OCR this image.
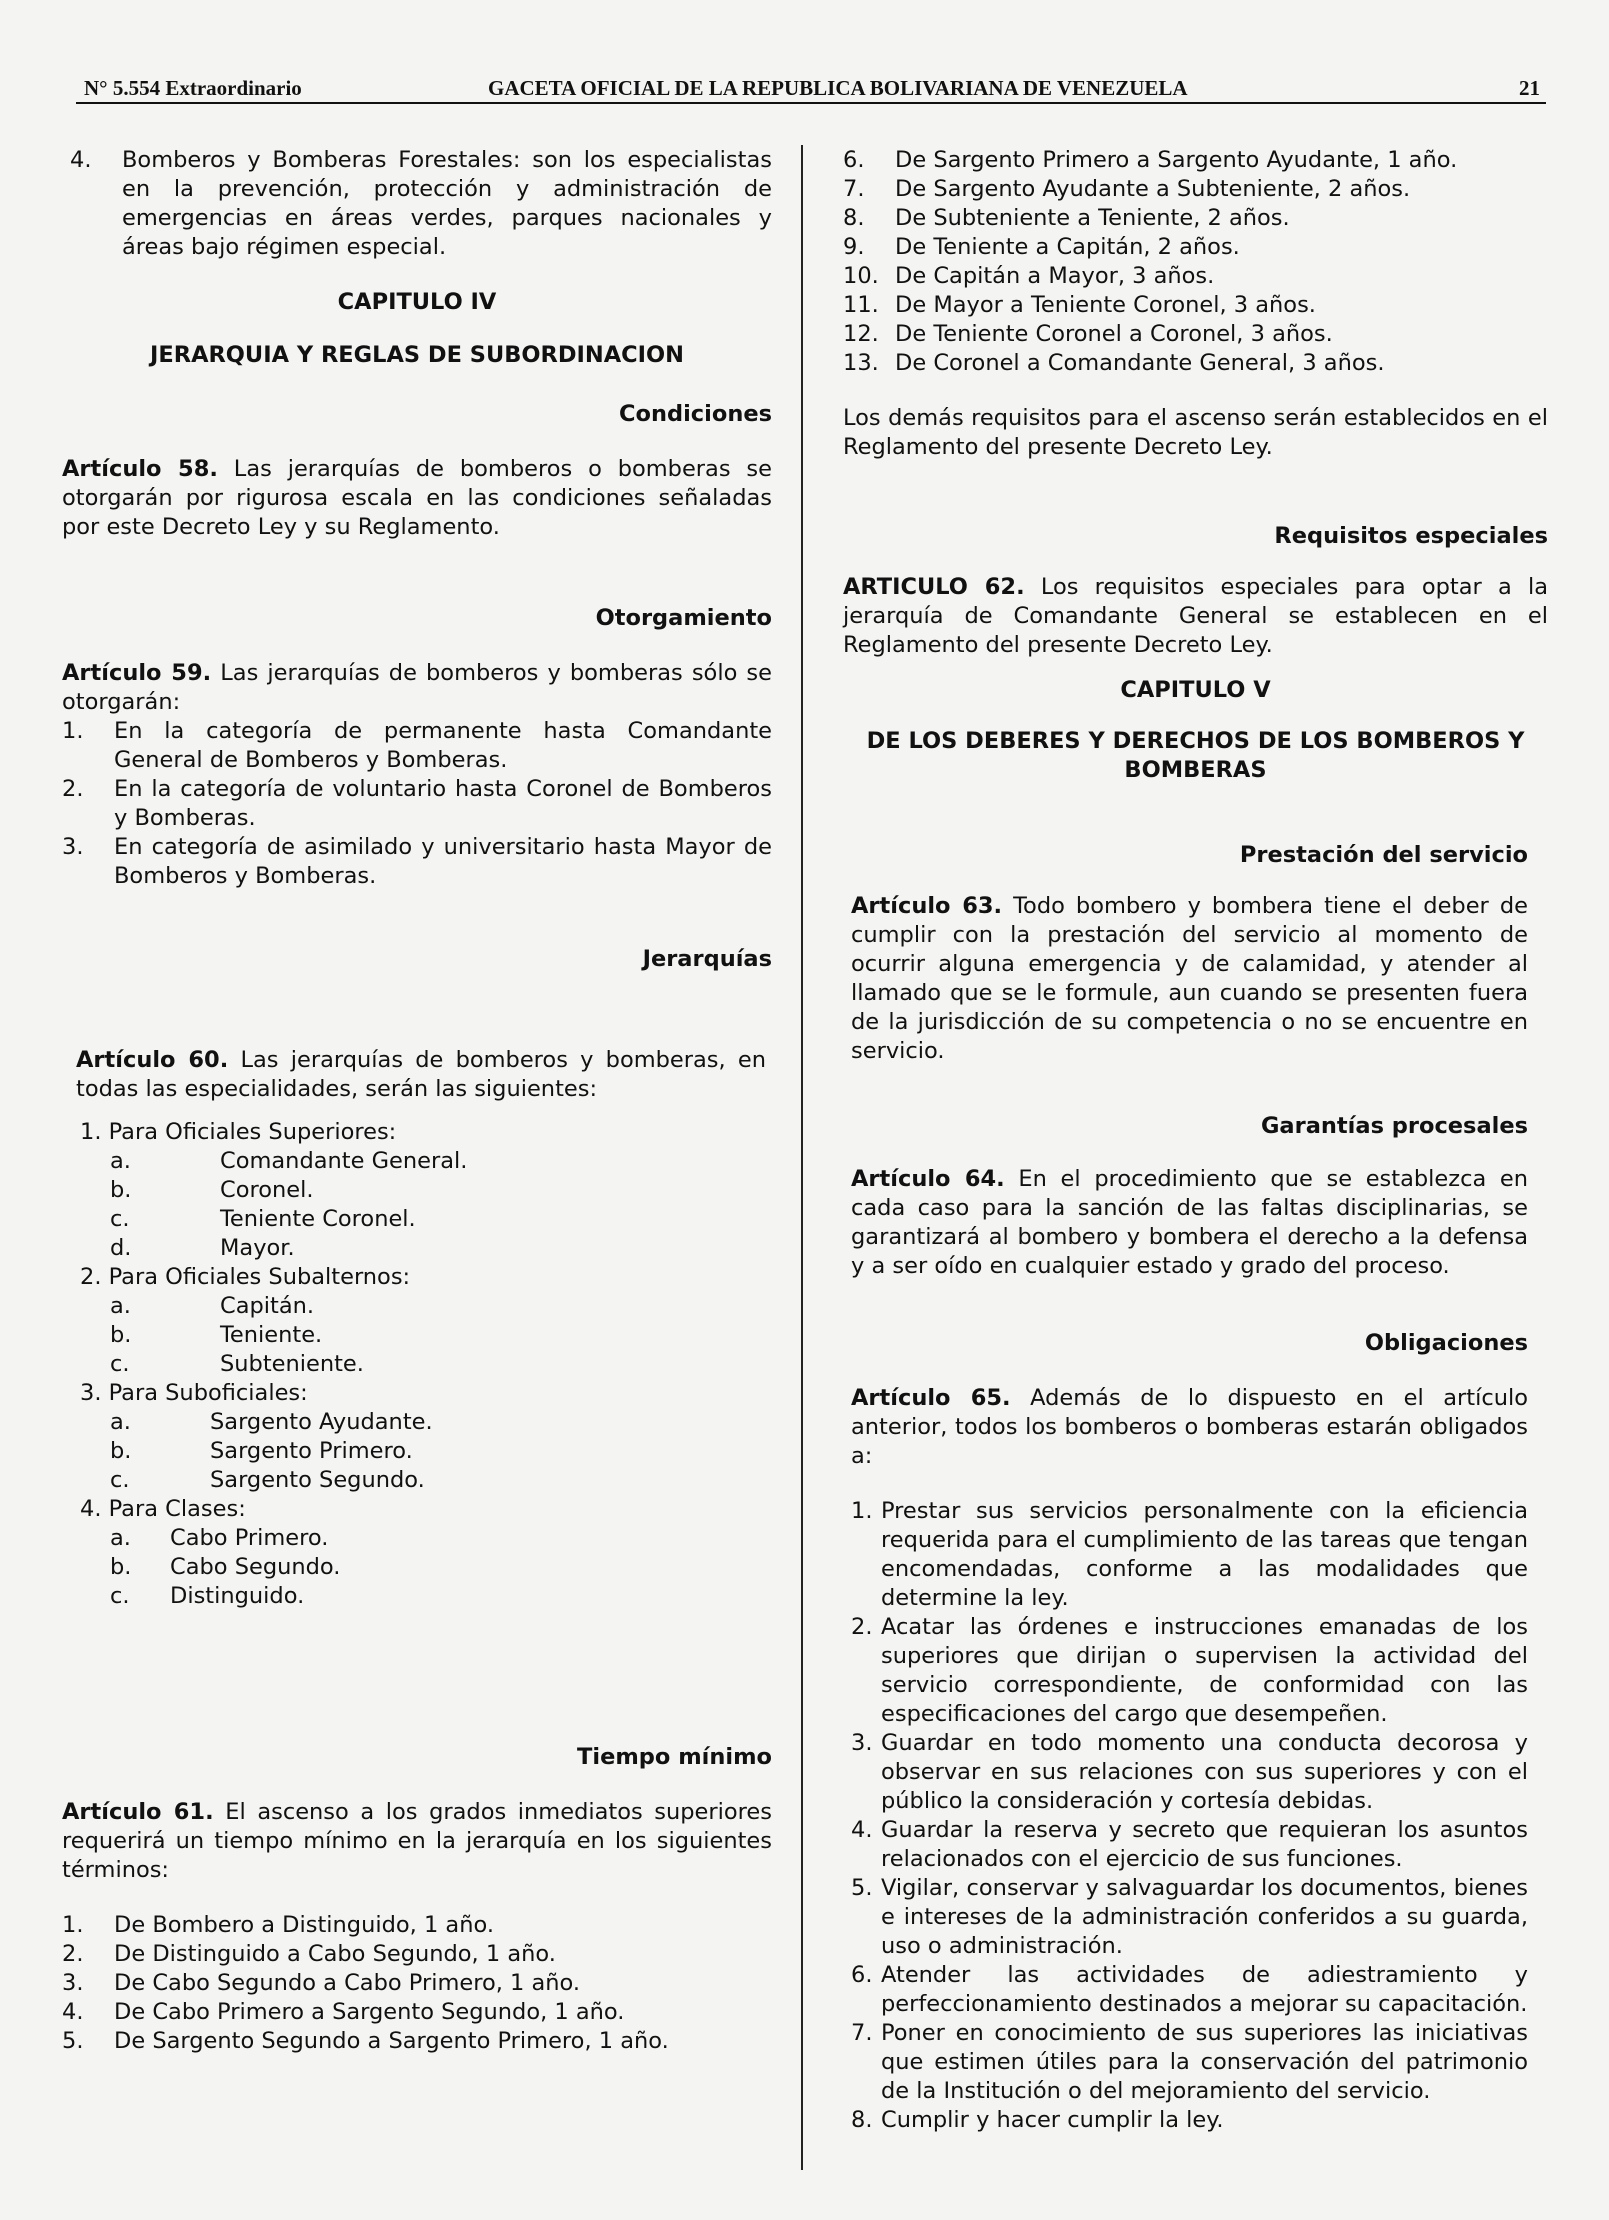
N° 5.554 Extraordinario	GACETA OFICIAL DE LA REPUBLICA BOLIVARIANA DE VENEZUELA	21
4.	Bomberos y Bomberas Forestales: son los especialistas en la prevención, protección y administración de emergencias en áreas verdes, parques nacionales y áreas bajo régimen especial.

CAPITULO IV

JERARQUIA Y REGLAS DE SUBORDINACION

Condiciones

Artículo 58. Las jerarquías de bomberos o bomberas se otorgarán por rigurosa escala en las condiciones señaladas por este Decreto Ley y su Reglamento.

Otorgamiento

Artículo 59. Las jerarquías de bomberos y bomberas sólo se otorgarán:

1.	En la categoría de permanente hasta Comandante General de Bomberos y Bomberas.
2.	En la categoría de voluntario hasta Coronel de Bomberos y Bomberas.
3.	En categoría de asimilado y universitario hasta Mayor de Bomberos y Bomberas.

Jerarquías

Artículo 60. Las jerarquías de bomberos y bomberas, en todas las especialidades, serán las siguientes:

1. Para Oficiales Superiores:
a.	Comandante General.
b.	Coronel.
c.	Teniente Coronel.
d.	Mayor.
2. Para Oficiales Subalternos:
a.	Capitán.
b.	Teniente.
c.	Subteniente.
3. Para Suboficiales:
a.	Sargento Ayudante.
b.	Sargento Primero.
c.	Sargento Segundo.
4. Para Clases:
a.	Cabo Primero.
b.	Cabo Segundo.
c.	Distinguido.

Tiempo mínimo

Artículo 61. El ascenso a los grados inmediatos superiores requerirá un tiempo mínimo en la jerarquía en los siguientes términos:

1.	De Bombero a Distinguido, 1 año.
2.	De Distinguido a Cabo Segundo, 1 año.
3.	De Cabo Segundo a Cabo Primero, 1 año.
4.	De Cabo Primero a Sargento Segundo, 1 año.
5.	De Sargento Segundo a Sargento Primero, 1 año.
6.	De Sargento Primero a Sargento Ayudante, 1 año.
7.	De Sargento Ayudante a Subteniente, 2 años.
8.	De Subteniente a Teniente, 2 años.
9.	De Teniente a Capitán, 2 años.
10. De Capitán a Mayor, 3 años.
11. De Mayor a Teniente Coronel, 3 años.
12. De Teniente Coronel a Coronel, 3 años.
13. De Coronel a Comandante General, 3 años.

Los demás requisitos para el ascenso serán establecidos en el Reglamento del presente Decreto Ley.

Requisitos especiales

ARTICULO 62. Los requisitos especiales para optar a la jerarquía de Comandante General se establecen en el Reglamento del presente Decreto Ley.

CAPITULO V

DE LOS DEBERES Y DERECHOS DE LOS BOMBEROS Y BOMBERAS

Prestación del servicio

Artículo 63. Todo bombero y bombera tiene el deber de cumplir con la prestación del servicio al momento de ocurrir alguna emergencia y de calamidad, y atender al llamado que se le formule, aun cuando se presenten fuera de la jurisdicción de su competencia o no se encuentre en servicio.

Garantías procesales

Artículo 64. En el procedimiento que se establezca en cada caso para la sanción de las faltas disciplinarias, se garantizará al bombero y bombera el derecho a la defensa y a ser oído en cualquier estado y grado del proceso.

Obligaciones

Artículo 65. Además de lo dispuesto en el artículo anterior, todos los bomberos o bomberas estarán obligados a:

1. Prestar sus servicios personalmente con la eficiencia requerida para el cumplimiento de las tareas que tengan encomendadas, conforme a las modalidades que determine la ley.
2. Acatar las órdenes e instrucciones emanadas de los superiores que dirijan o supervisen la actividad del servicio correspondiente, de conformidad con las especificaciones del cargo que desempeñen.
3. Guardar en todo momento una conducta decorosa y observar en sus relaciones con sus superiores y con el público la consideración y cortesía debidas.
4. Guardar la reserva y secreto que requieran los asuntos relacionados con el ejercicio de sus funciones.
5. Vigilar, conservar y salvaguardar los documentos, bienes e intereses de la administración conferidos a su guarda, uso o administración.
6. Atender las actividades de adiestramiento y perfeccionamiento destinados a mejorar su capacitación.
7. Poner en conocimiento de sus superiores las iniciativas que estimen útiles para la conservación del patrimonio de la Institución o del mejoramiento del servicio.
8. Cumplir y hacer cumplir la ley.
